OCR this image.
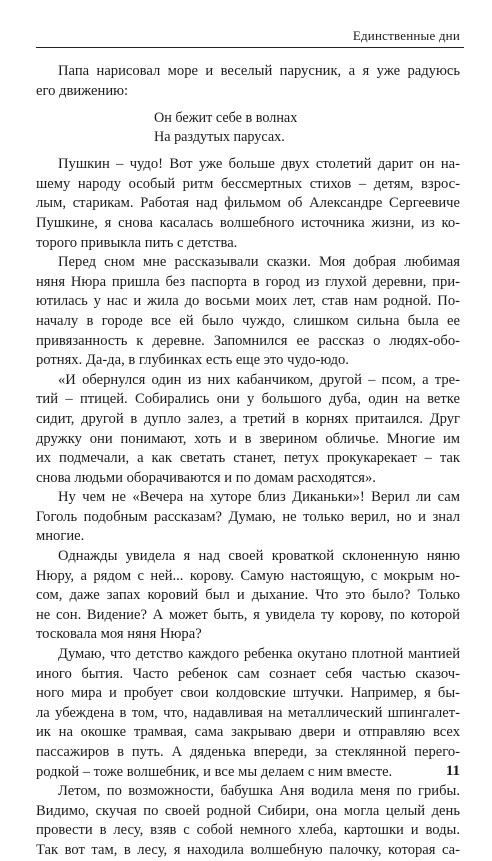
Единственные дни
Папа нарисовал море и веселый парусник, а я уже радуюсь
его движению:
Он бежит себе в волнах
На раздутых парусах.
Пушкин – чудо! Вот уже больше двух столетий дарит он на-
шему народу особый ритм бессмертных стихов – детям, взрос-
лым, старикам. Работая над фильмом об Александре Сергеевиче
Пушкине, я снова касалась волшебного источника жизни, из ко-
торого привыкла пить с детства.
Перед сном мне рассказывали сказки. Моя добрая любимая
няня Нюра пришла без паспорта в город из глухой деревни, при-
ютилась у нас и жила до восьми моих лет, став нам родной. По-
началу в городе все ей было чуждо, слишком сильна была ее
привязанность к деревне. Запомнился ее рассказ о людях-обо-
ротнях. Да-да, в глубинках есть еще это чудо-юдо.
«И обернулся один из них кабанчиком, другой – псом, а тре-
тий – птицей. Собирались они у большого дуба, один на ветке
сидит, другой в дупло залез, а третий в корнях притаился. Друг
дружку они понимают, хоть и в зверином обличье. Многие им
их подмечали, а как светать станет, петух прокукарекает – так
снова людьми оборачиваются и по домам расходятся».
Ну чем не «Вечера на хуторе близ Диканьки»! Верил ли сам
Гоголь подобным рассказам? Думаю, не только верил, но и знал
многие.
Однажды увидела я над своей кроваткой склоненную няню
Нюру, а рядом с ней... корову. Самую настоящую, с мокрым но-
сом, даже запах коровий был и дыхание. Что это было? Только
не сон. Видение? А может быть, я увидела ту корову, по которой
тосковала моя няня Нюра?
Думаю, что детство каждого ребенка окутано плотной мантией
иного бытия. Часто ребенок сам сознает себя частью сказоч-
ного мира и пробует свои колдовские штучки. Например, я бы-
ла убеждена в том, что, надавливая на металлический шпингалет-
ик на окошке трамвая, сама закрываю двери и отправляю всех
пассажиров в путь. А дяденька впереди, за стеклянной перего-
родкой – тоже волшебник, и все мы делаем с ним вместе.
Летом, по возможности, бабушка Аня водила меня по грибы.
Видимо, скучая по своей родной Сибири, она могла целый день
провести в лесу, взяв с собой немного хлеба, картошки и воды.
Так вот там, в лесу, я находила волшебную палочку, которая са-
11
